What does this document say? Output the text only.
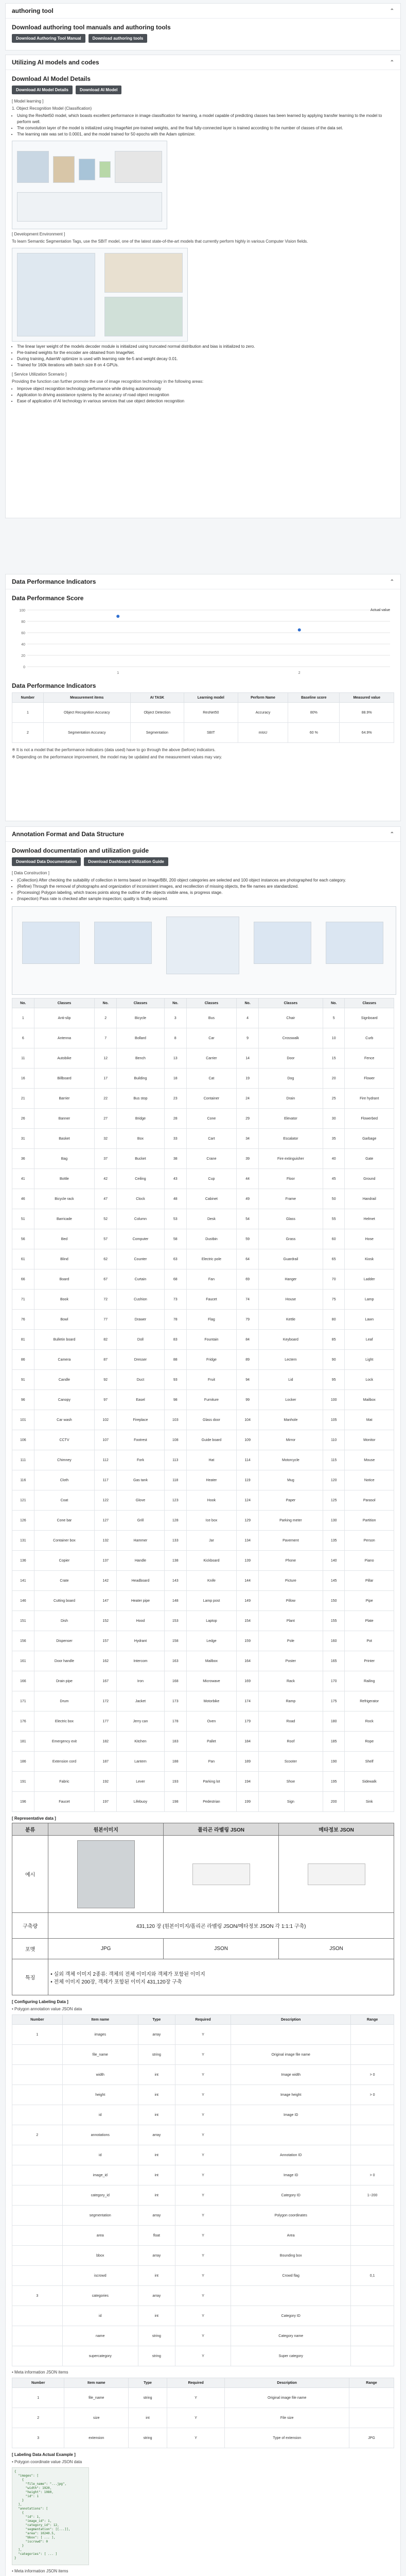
authoring tool	⌃
Download authoring tool manuals and authoring tools
Download Authoring Tool Manual	Download authoring tools
Utilizing AI models and codes	⌃
Download AI Model Details
Download AI Model Details	Download AI Model
[ Model learning ]
1. Object Recognition Model (Classification)
• Using the ResNet50 model, which boasts excellent performance in image classification for learning, a model capable of predicting classes has been learned by applying transfer learning to the model to perform well.
• The convolution layer of the model is initialized using ImageNet pre-trained weights, and the final fully-connected layer is trained according to the number of classes of the data set.
• The learning rate was set to 0.0001, and the model trained for 50 epochs with the Adam optimizer.
[ Development Environment ]
To learn Semantic Segmentation Tags, use the SBIT model, one of the latest state-of-the-art models that currently perform highly in various Computer Vision fields.
• The linear layer weight of the models decoder module is initialized using truncated normal distribution and bias is initialized to zero.
• Pre-trained weights for the encoder are obtained from ImageNet.
• During training, AdamW optimizer is used with learning rate 6e-5 and weight decay 0.01.
• Trained for 160k iterations with batch size 8 on 4 GPUs.
[ Service Utilization Scenario ]
Providing the function can further promote the use of image recognition technology in the following areas:
• Improve object recognition technology performance while driving autonomously
• Application to driving assistance systems by the accuracy of road object recognition
• Ease of application of AI technology in various services that use object detection recognition
Data Performance Indicators	⌃
Data Performance Score
0
20
40
60
80
100
1	2
Actual value
Data Performance Indicators
Number	Measurement items	AI TASK	Learning model	Perform Name	Baseline score	Measured value
1	Object Recognition Accuracy	Object Detection	ResNet50	Accuracy	80%	88.9%
2	Segmentation Accuracy	Segmentation	SBIT	mIoU	60 %	64.9%
※ It is not a model that the performance indicators (data used) have to go through the above (before) indicators.
※ Depending on the performance improvement, the model may be updated and the measurement values may vary.
Annotation Format and Data Structure	⌃
Download documentation and utilization guide
Download Data Documentation	Download Dashboard Utilization Guide
[ Data Construction ]
• (Collection) After checking the suitability of collection in terms based on Image/BBI, 200 object categories are selected and 100 object instances are photographed for each category.
• (Refine) Through the removal of photographs and organization of inconsistent images, and recollection of missing objects, the file names are standardized.
• (Processing) Polygon labeling, which traces points along the outline of the objects visible area, is progress stage.
• (Inspection) Pass rate is checked after sample inspection; quality is finally secured.
No.	Classes	No.	Classes	No.	Classes	No.	Classes	No.	Classes
1	Anti-slip	2	Bicycle	3	Bus	4	Chair	5	Signboard
6	Antenna	7	Bollard	8	Car	9	Crosswalk	10	Curb
11	Autobike	12	Bench	13	Carrier	14	Door	15	Fence
16	Billboard	17	Building	18	Cat	19	Dog	20	Flower
21	Barrier	22	Bus stop	23	Container	24	Drain	25	Fire hydrant
26	Banner	27	Bridge	28	Cone	29	Elevator	30	Flowerbed
31	Basket	32	Box	33	Cart	34	Escalator	35	Garbage
36	Bag	37	Bucket	38	Crane	39	Fire extinguisher	40	Gate
41	Bottle	42	Ceiling	43	Cup	44	Floor	45	Ground
46	Bicycle rack	47	Clock	48	Cabinet	49	Frame	50	Handrail
51	Barricade	52	Column	53	Desk	54	Glass	55	Helmet
56	Bed	57	Computer	58	Dustbin	59	Grass	60	Hose
61	Blind	62	Counter	63	Electric pole	64	Guardrail	65	Kiosk
66	Board	67	Curtain	68	Fan	69	Hanger	70	Ladder
71	Book	72	Cushion	73	Faucet	74	House	75	Lamp
76	Bowl	77	Drawer	78	Flag	79	Kettle	80	Lawn
81	Bulletin board	82	Doll	83	Fountain	84	Keyboard	85	Leaf
86	Camera	87	Dresser	88	Fridge	89	Lectern	90	Light
91	Candle	92	Duct	93	Fruit	94	Lid	95	Lock
96	Canopy	97	Easel	98	Furniture	99	Locker	100	Mailbox
101	Car wash	102	Fireplace	103	Glass door	104	Manhole	105	Mat
106	CCTV	107	Footrest	108	Guide board	109	Mirror	110	Monitor
111	Chimney	112	Fork	113	Hat	114	Motorcycle	115	Mouse
116	Cloth	117	Gas tank	118	Heater	119	Mug	120	Notice
121	Coat	122	Glove	123	Hook	124	Paper	125	Parasol
126	Cone bar	127	Grill	128	Ice box	129	Parking meter	130	Partition
131	Container box	132	Hammer	133	Jar	134	Pavement	135	Person
136	Copier	137	Handle	138	Kickboard	139	Phone	140	Piano
141	Crate	142	Headboard	143	Knife	144	Picture	145	Pillar
146	Cutting board	147	Heater pipe	148	Lamp post	149	Pillow	150	Pipe
151	Dish	152	Hood	153	Laptop	154	Plant	155	Plate
156	Dispenser	157	Hydrant	158	Ledge	159	Pole	160	Pot
161	Door handle	162	Intercom	163	Mailbox	164	Poster	165	Printer
166	Drain pipe	167	Iron	168	Microwave	169	Rack	170	Railing
171	Drum	172	Jacket	173	Motorbike	174	Ramp	175	Refrigerator
176	Electric box	177	Jerry can	178	Oven	179	Road	180	Rock
181	Emergency exit	182	Kitchen	183	Pallet	184	Roof	185	Rope
186	Extension cord	187	Lantern	188	Pan	189	Scooter	190	Shelf
191	Fabric	192	Lever	193	Parking lot	194	Shoe	195	Sidewalk
196	Faucet	197	Lifebuoy	198	Pedestrian	199	Sign	200	Sink
[ Representative data ]
분류	원본이미지	폴리곤 라벨링 JSON	메타정보 JSON
예시	

구축량	431,120 장 (원본이미지/폴리곤 라벨링 JSON/메타정보 JSON 각 1:1:1 구축)		
포맷	JPG	JSON	JSON
특징	• 실외 객체 이미지 2종류: 객체의 전체 이미지와 객체가 포함된 이미지
• 전체 이미지 200장, 객체가 포함된 이미지 431,120장 구축		
[ Configuring Labeling Data ]
• Polygon annotation value JSON data
Number	Item name	Type	Required	Description	Range
1	images	array	Y		
	file_name	string	Y	Original image file name	
	width	int	Y	Image width	> 0
	height	int	Y	Image height	> 0
	id	int	Y	Image ID	
2	annotations	array	Y		
	id	int	Y	Annotation ID	
	image_id	int	Y	Image ID	> 0
	category_id	int	Y	Category ID	1~200
	segmentation	array	Y	Polygon coordinates	
	area	float	Y	Area	
	bbox	array	Y	Bounding box	
	iscrowd	int	Y	Crowd flag	0,1
3	categories	array	Y		
	id	int	Y	Category ID	
	name	string	Y	Category name	
	supercategory	string	Y	Super category	
• Meta information JSON items
Number	Item name	Type	Required	Description	Range
1	file_name	string	Y	Original image file name	
2	size	int	Y	File size	
3	extension	string	Y	Type of extension	JPG
[ Labeling Data Actual Example ]
• Polygon coordinate value JSON data
{
"images": [
{
"file_name": "...jpg",
"width": 1920,
"height": 1080,
"id": 1
}
],
"annotations": [
{
"id": 1,
"image_id": 1,
"category_id": 12,
"segmentation": [[...]],
"area": 10240.5,
"bbox": [ ... ],
"iscrowd": 0
}
],
"categories": [ ... ]
}
• Meta information JSON items
